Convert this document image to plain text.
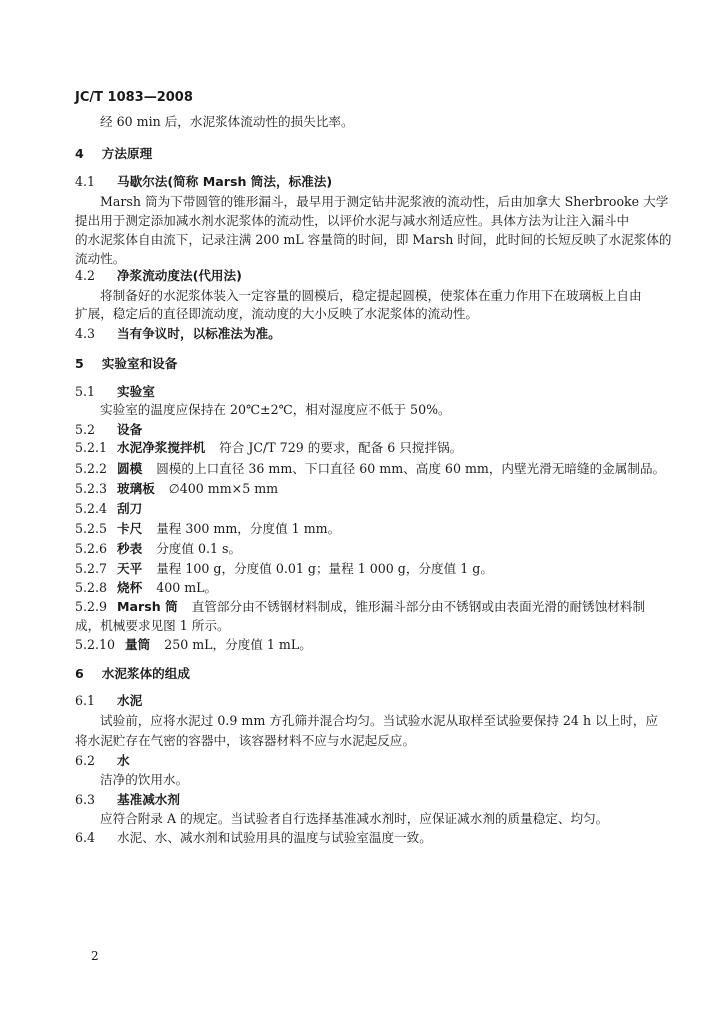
JC/T 1083—2008
经 60 min 后，水泥浆体流动性的损失比率。
4 方法原理
4.1 马歇尔法(简称 Marsh 筒法，标准法)
Marsh 筒为下带圆管的锥形漏斗，最早用于测定钻井泥浆液的流动性，后由加拿大 Sherbrooke 大学
提出用于测定添加减水剂水泥浆体的流动性，以评价水泥与减水剂适应性。具体方法为让注入漏斗中
的水泥浆体自由流下，记录注满 200 mL 容量筒的时间，即 Marsh 时间，此时间的长短反映了水泥浆体的
流动性。
4.2 净浆流动度法(代用法)
将制备好的水泥浆体装入一定容量的圆模后，稳定提起圆模，使浆体在重力作用下在玻璃板上自由
扩展，稳定后的直径即流动度，流动度的大小反映了水泥浆体的流动性。
4.3 当有争议时，以标准法为准。
5 实验室和设备
5.1 实验室
实验室的温度应保持在 20℃±2℃，相对湿度应不低于 50%。
5.2 设备
5.2.1 水泥净浆搅拌机 符合 JC/T 729 的要求，配备 6 只搅拌锅。
5.2.2 圆模 圆模的上口直径 36 mm、下口直径 60 mm、高度 60 mm，内壁光滑无暗缝的金属制品。
5.2.3 玻璃板 ∅400 mm×5 mm
5.2.4 刮刀
5.2.5 卡尺 量程 300 mm，分度值 1 mm。
5.2.6 秒表 分度值 0.1 s。
5.2.7 天平 量程 100 g，分度值 0.01 g；量程 1 000 g，分度值 1 g。
5.2.8 烧杯 400 mL。
5.2.9 Marsh 筒 直管部分由不锈钢材料制成，锥形漏斗部分由不锈钢或由表面光滑的耐锈蚀材料制
成，机械要求见图 1 所示。
5.2.10 量筒 250 mL，分度值 1 mL。
6 水泥浆体的组成
6.1 水泥
试验前，应将水泥过 0.9 mm 方孔筛并混合均匀。当试验水泥从取样至试验要保持 24 h 以上时，应
将水泥贮存在气密的容器中，该容器材料不应与水泥起反应。
6.2 水
洁净的饮用水。
6.3 基准减水剂
应符合附录 A 的规定。当试验者自行选择基准减水剂时，应保证减水剂的质量稳定、均匀。
6.4 水泥、水、减水剂和试验用具的温度与试验室温度一致。
2
